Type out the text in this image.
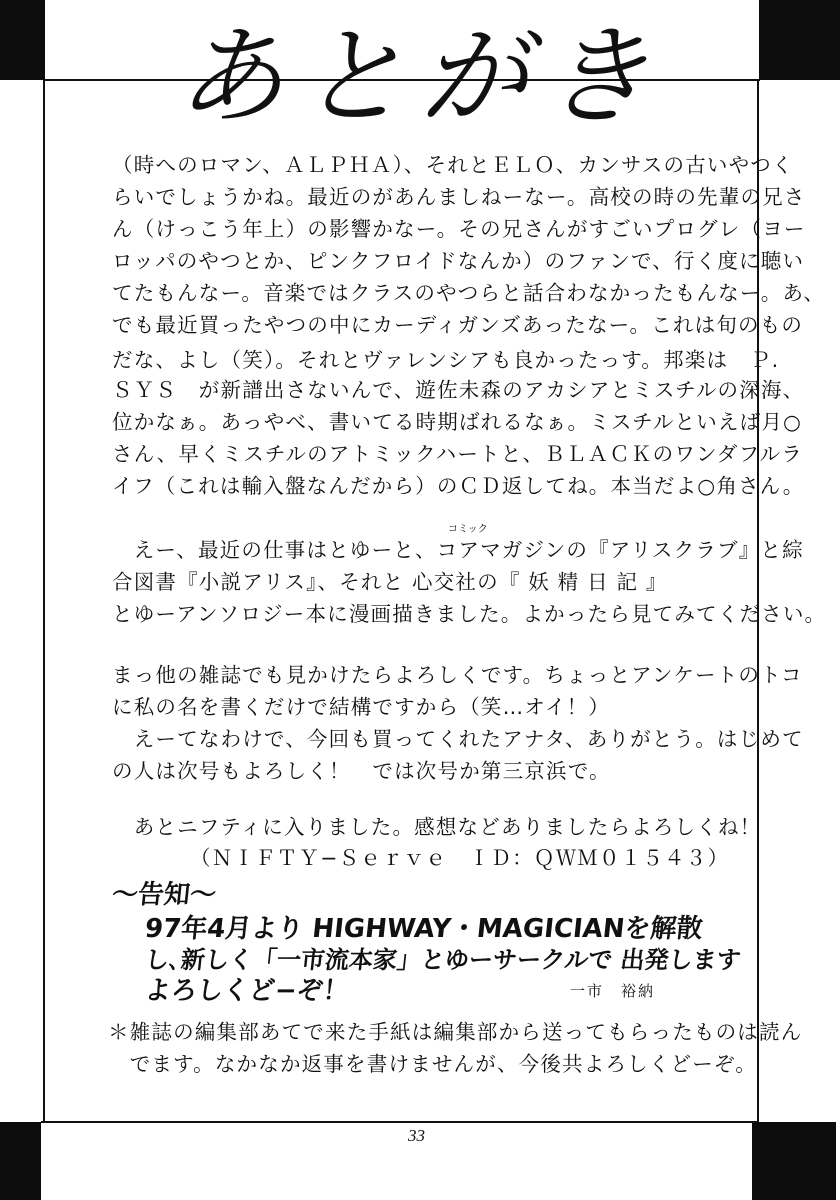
あとがき
（時へのロマン、ＡＬＰＨＡ）、それとＥＬＯ、カンサスの古いやつく
らいでしょうかね。最近のがあんましねーなー。高校の時の先輩の兄さ
ん（けっこう年上）の影響かなー。その兄さんがすごいプログレ（ヨー
ロッパのやつとか、ピンクフロイドなんか）のファンで、行く度に聴い
てたもんなー。音楽ではクラスのやつらと話合わなかったもんなー。あ、
でも最近買ったやつの中にカーディガンズあったなー。これは旬のもの
だな、よし（笑）。それとヴァレンシアも良かったっす。邦楽は　Ｐ.
ＳＹＳ　が新譜出さないんで、遊佐未森のアカシアとミスチルの深海、
位かなぁ。あっやべ、書いてる時期ばれるなぁ。ミスチルといえば月○
さん、早くミスチルのアトミックハートと、ＢＬＡＣＫのワンダフルラ
イフ（これは輸入盤なんだから）のＣＤ返してね。本当だよ○角さん。
コミック
　えー、最近の仕事はとゆーと、コアマガジンの『アリスクラブ』と綜
合図書『小説アリス』、それと 心交社の『 妖 精 日 記 』
とゆーアンソロジー本に漫画描きました。よかったら見てみてください。
まっ他の雑誌でも見かけたらよろしくです。ちょっとアンケートのトコ
に私の名を書くだけで結構ですから（笑…オイ！）
　えーてなわけで、今回も買ってくれたアナタ、ありがとう。はじめて
の人は次号もよろしく！　では次号か第三京浜で。
　あとニフティに入りました。感想などありましたらよろしくね！
（ＮＩＦＴＹ−Ｓｅｒｖｅ　ＩＤ：ＱＷＭ０１５４３）
〜告知〜
97年4月より HIGHWAY・MAGICIANを解散
し､新しく「一市流本家」とゆーサークルで 出発します
よろしくど−ぞ！	一市　裕納
＊雑誌の編集部あてで来た手紙は編集部から送ってもらったものは読ん
　でます。なかなか返事を書けませんが、今後共よろしくどーぞ。
33
